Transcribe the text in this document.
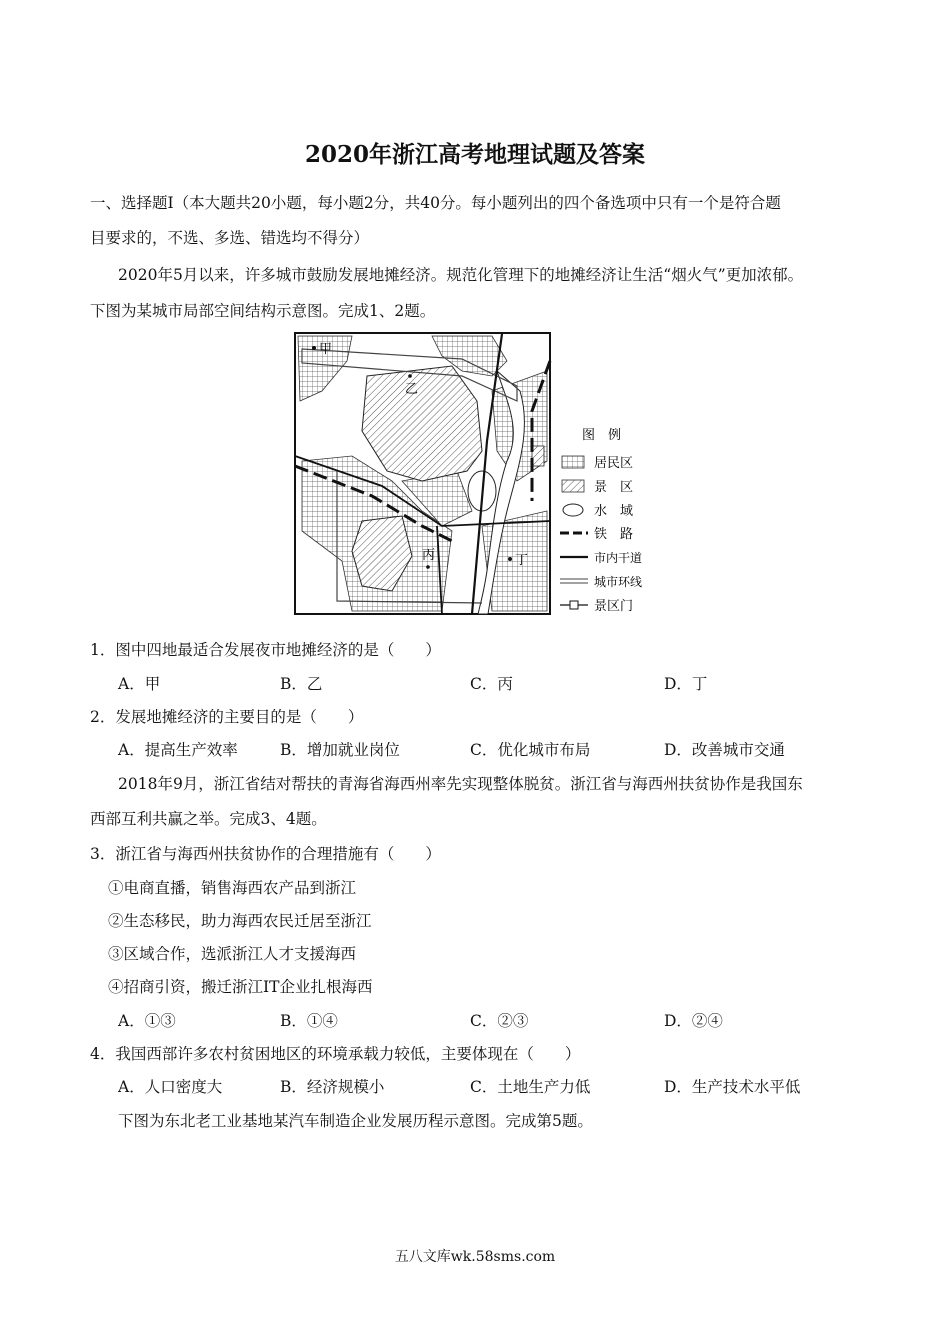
2020年浙江高考地理试题及答案
一、选择题Ⅰ（本大题共20小题，每小题2分，共40分。每小题列出的四个备选项中只有一个是符合题
目要求的，不选、多选、错选均不得分）
2020年5月以来，许多城市鼓励发展地摊经济。规范化管理下的地摊经济让生活“烟火气”更加浓郁。
下图为某城市局部空间结构示意图。完成1、2题。
甲
乙
丙	丁
图　例
居民区
景　区
水　域
铁　路
市内干道
城市环线
景区门
1．图中四地最适合发展夜市地摊经济的是（　　）
A．甲	B．乙	C．丙	D．丁
2．发展地摊经济的主要目的是（　　）
A．提高生产效率	B．增加就业岗位	C．优化城市布局	D．改善城市交通
2018年9月，浙江省结对帮扶的青海省海西州率先实现整体脱贫。浙江省与海西州扶贫协作是我国东
西部互利共赢之举。完成3、4题。
3．浙江省与海西州扶贫协作的合理措施有（　　）
①电商直播，销售海西农产品到浙江
②生态移民，助力海西农民迁居至浙江
③区域合作，选派浙江人才支援海西
④招商引资，搬迁浙江IT企业扎根海西
A．①③	B．①④	C．②③	D．②④
4．我国西部许多农村贫困地区的环境承载力较低，主要体现在（　　）
A．人口密度大	B．经济规模小	C．土地生产力低	D．生产技术水平低
下图为东北老工业基地某汽车制造企业发展历程示意图。完成第5题。
五八文库wk.58sms.com
